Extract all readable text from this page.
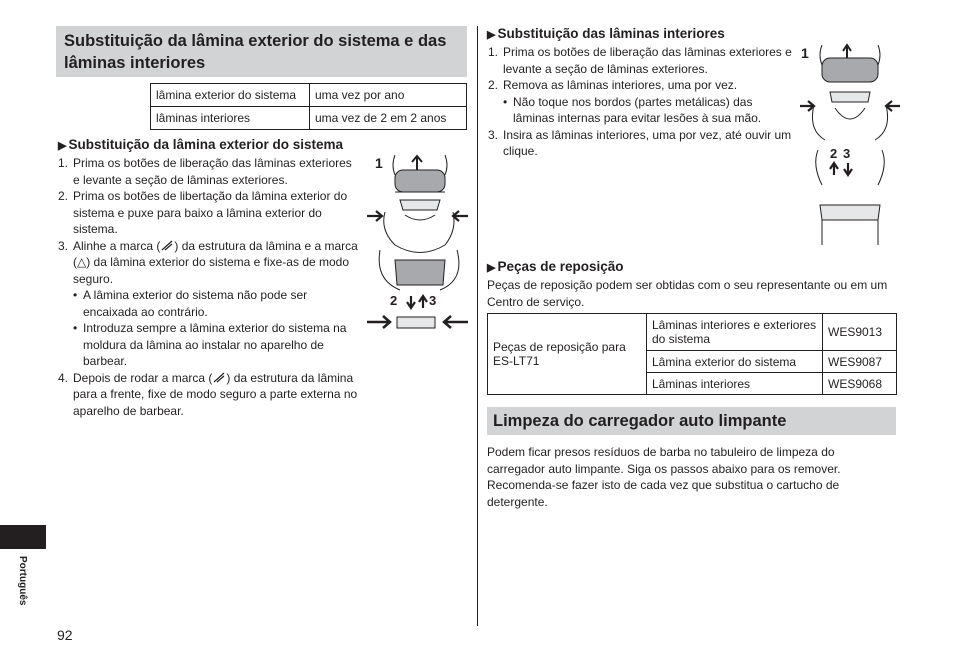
Substituição da lâmina exterior do sistema e das lâminas interiores
lâmina exterior do sistema	uma vez por ano
lâminas interiores	uma vez de 2 em 2 anos
▶ Substituição da lâmina exterior do sistema
1. Prima os botões de liberação das lâminas exteriores e levante a seção de lâminas exteriores.
2. Prima os botões de libertação da lâmina exterior do sistema e puxe para baixo a lâmina exterior do sistema.
3. Alinhe a marca ( ) da estrutura da lâmina e a marca (△) da lâmina exterior do sistema e fixe-as de modo seguro.
• A lâmina exterior do sistema não pode ser encaixada ao contrário.
• Introduza sempre a lâmina exterior do sistema na moldura da lâmina ao instalar no aparelho de barbear.
4. Depois de rodar a marca ( ) da estrutura da lâmina para a frente, fixe de modo seguro a parte externa no aparelho de barbear.
1
2 3
▶ Substituição das lâminas interiores
1. Prima os botões de liberação das lâminas exteriores e levante a seção de lâminas exteriores.
2. Remova as lâminas interiores, uma por vez.
• Não toque nos bordos (partes metálicas) das lâminas internas para evitar lesões à sua mão.
3. Insira as lâminas interiores, uma por vez, até ouvir um clique.
1
2 3
▶ Peças de reposição
Peças de reposição podem ser obtidas com o seu representante ou em um Centro de serviço.
Peças de reposição para ES-LT71	Lâminas interiores e exteriores do sistema	WES9013
	Lâmina exterior do sistema	WES9087
	Lâminas interiores	WES9068
Limpeza do carregador auto limpante
Podem ficar presos resíduos de barba no tabuleiro de limpeza do carregador auto limpante. Siga os passos abaixo para os remover. Recomenda-se fazer isto de cada vez que substitua o cartucho de detergente.
Português
92
